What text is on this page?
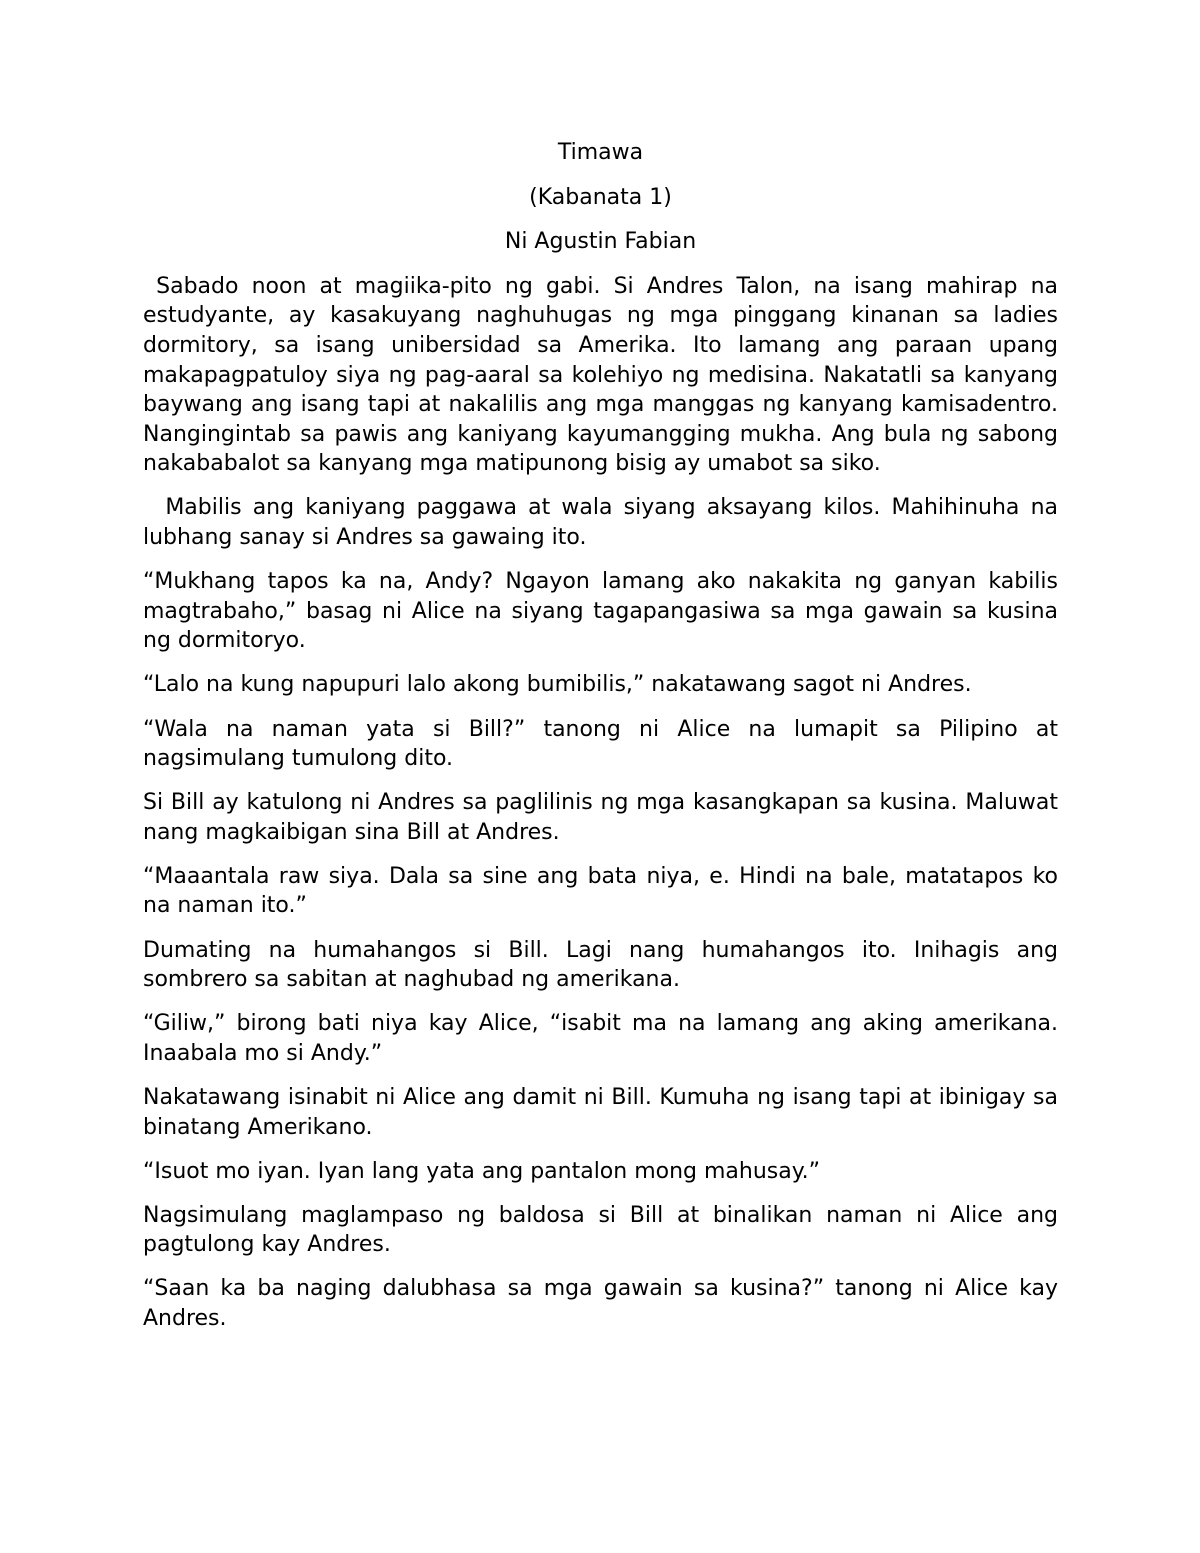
Timawa

(Kabanata 1)

Ni Agustin Fabian

Sabado noon at magiika-pito ng gabi. Si Andres Talon, na isang mahirap na estudyante, ay kasakuyang naghuhugas ng mga pinggang kinanan sa ladies dormitory, sa isang unibersidad sa Amerika. Ito lamang ang paraan upang makapagpatuloy siya ng pag-aaral sa kolehiyo ng medisina. Nakatatli sa kanyang baywang ang isang tapi at nakalilis ang mga manggas ng kanyang kamisadentro. Nangingintab sa pawis ang kaniyang kayumangging mukha. Ang bula ng sabong nakababalot sa kanyang mga matipunong bisig ay umabot sa siko.

Mabilis ang kaniyang paggawa at wala siyang aksayang kilos. Mahihinuha na lubhang sanay si Andres sa gawaing ito.

“Mukhang tapos ka na, Andy? Ngayon lamang ako nakakita ng ganyan kabilis magtrabaho,” basag ni Alice na siyang tagapangasiwa sa mga gawain sa kusina ng dormitoryo.

“Lalo na kung napupuri lalo akong bumibilis,” nakatawang sagot ni Andres.

“Wala na naman yata si Bill?” tanong ni Alice na lumapit sa Pilipino at nagsimulang tumulong dito.

Si Bill ay katulong ni Andres sa paglilinis ng mga kasangkapan sa kusina. Maluwat nang magkaibigan sina Bill at Andres.

“Maaantala raw siya. Dala sa sine ang bata niya, e. Hindi na bale, matatapos ko na naman ito.”

Dumating na humahangos si Bill. Lagi nang humahangos ito. Inihagis ang sombrero sa sabitan at naghubad ng amerikana.

“Giliw,” birong bati niya kay Alice, “isabit ma na lamang ang aking amerikana. Inaabala mo si Andy.”

Nakatawang isinabit ni Alice ang damit ni Bill. Kumuha ng isang tapi at ibinigay sa binatang Amerikano.

“Isuot mo iyan. Iyan lang yata ang pantalon mong mahusay.”

Nagsimulang maglampaso ng baldosa si Bill at binalikan naman ni Alice ang pagtulong kay Andres.

“Saan ka ba naging dalubhasa sa mga gawain sa kusina?” tanong ni Alice kay Andres.
